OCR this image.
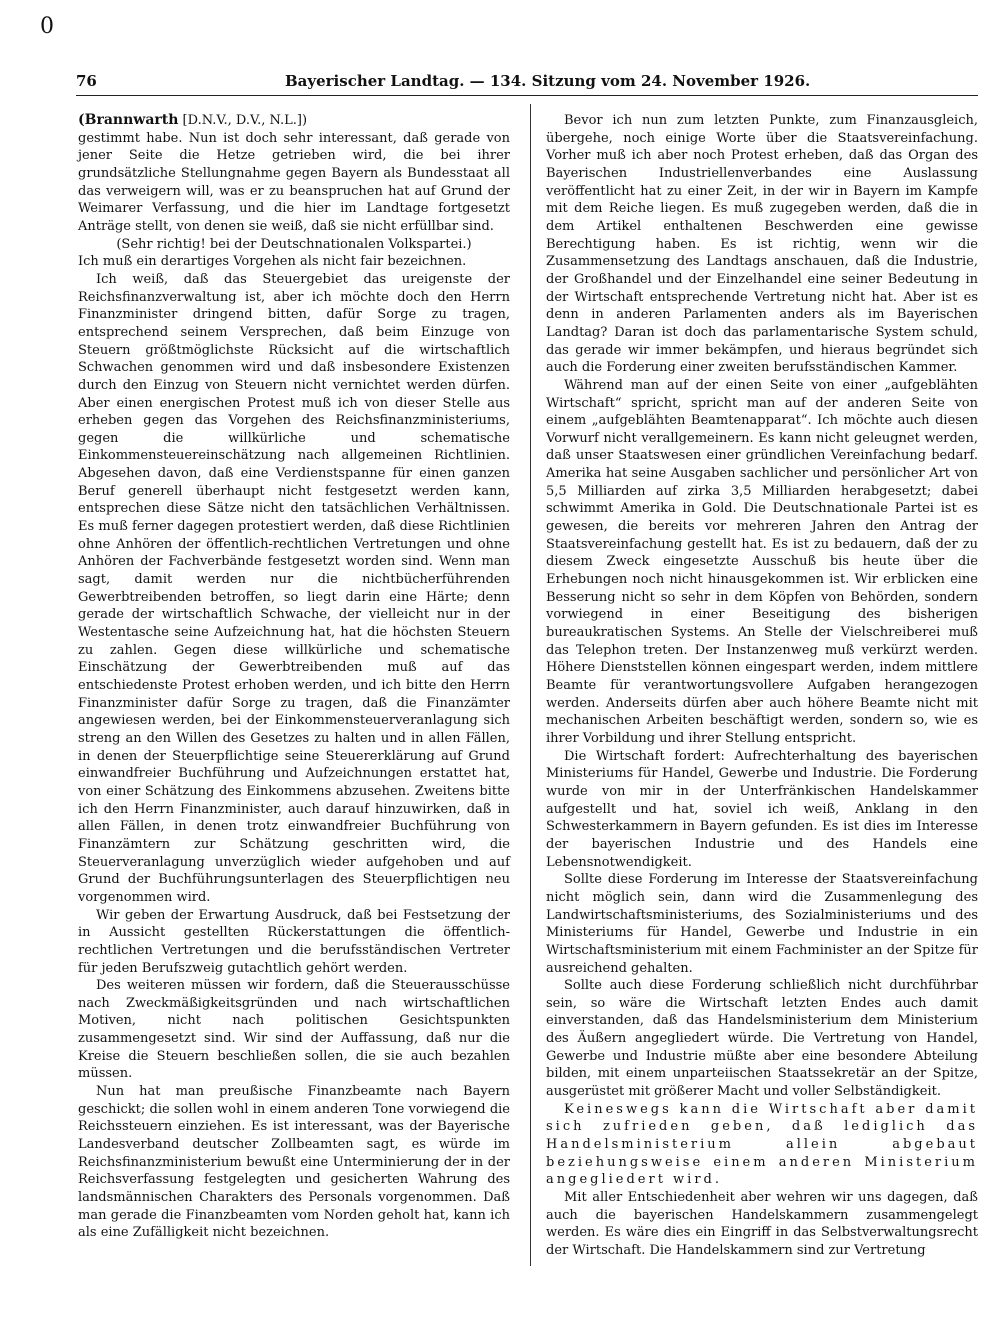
0
76	Bayerischer Landtag. — 134. Sitzung vom 24. November 1926.

(Brannwarth [D.N.V., D.V., N.L.])

gestimmt habe. Nun ist doch sehr interessant, daß gerade von jener Seite die Hetze getrieben wird, die bei ihrer grundsätzliche Stellungnahme gegen Bayern als Bundesstaat all das verweigern will, was er zu beanspruchen hat auf Grund der Weimarer Verfassung, und die hier im Landtage fortgesetzt Anträge stellt, von denen sie weiß, daß sie nicht erfüllbar sind.

(Sehr richtig! bei der Deutschnationalen Volkspartei.)

Ich muß ein derartiges Vorgehen als nicht fair bezeichnen.

Ich weiß, daß das Steuergebiet das ureigenste der Reichsfinanzverwaltung ist, aber ich möchte doch den Herrn Finanzminister dringend bitten, dafür Sorge zu tragen, entsprechend seinem Versprechen, daß beim Einzuge von Steuern größtmöglichste Rücksicht auf die wirtschaftlich Schwachen genommen wird und daß insbesondere Existenzen durch den Einzug von Steuern nicht vernichtet werden dürfen. Aber einen energischen Protest muß ich von dieser Stelle aus erheben gegen das Vorgehen des Reichsfinanzministeriums, gegen die willkürliche und schematische Einkommensteuereinschätzung nach allgemeinen Richtlinien. Abgesehen davon, daß eine Verdienstspanne für einen ganzen Beruf generell überhaupt nicht festgesetzt werden kann, entsprechen diese Sätze nicht den tatsächlichen Verhältnissen. Es muß ferner dagegen protestiert werden, daß diese Richtlinien ohne Anhören der öffentlich-rechtlichen Vertretungen und ohne Anhören der Fachverbände festgesetzt worden sind. Wenn man sagt, damit werden nur die nichtbücherführenden Gewerbtreibenden betroffen, so liegt darin eine Härte; denn gerade der wirtschaftlich Schwache, der vielleicht nur in der Westentasche seine Aufzeichnung hat, hat die höchsten Steuern zu zahlen. Gegen diese willkürliche und schematische Einschätzung der Gewerbtreibenden muß auf das entschiedenste Protest erhoben werden, und ich bitte den Herrn Finanzminister dafür Sorge zu tragen, daß die Finanzämter angewiesen werden, bei der Einkommensteuerveranlagung sich streng an den Willen des Gesetzes zu halten und in allen Fällen, in denen der Steuerpflichtige seine Steuererklärung auf Grund einwandfreier Buchführung und Aufzeichnungen erstattet hat, von einer Schätzung des Einkommens abzusehen. Zweitens bitte ich den Herrn Finanzminister, auch darauf hinzuwirken, daß in allen Fällen, in denen trotz einwandfreier Buchführung von Finanzämtern zur Schätzung geschritten wird, die Steuerveranlagung unverzüglich wieder aufgehoben und auf Grund der Buchführungsunterlagen des Steuerpflichtigen neu vorgenommen wird.

Wir geben der Erwartung Ausdruck, daß bei Festsetzung der in Aussicht gestellten Rückerstattungen die öffentlich-rechtlichen Vertretungen und die berufsständischen Vertreter für jeden Berufszweig gutachtlich gehört werden.

Des weiteren müssen wir fordern, daß die Steuerausschüsse nach Zweckmäßigkeitsgründen und nach wirtschaftlichen Motiven, nicht nach politischen Gesichtspunkten zusammengesetzt sind. Wir sind der Auffassung, daß nur die Kreise die Steuern beschließen sollen, die sie auch bezahlen müssen.

Nun hat man preußische Finanzbeamte nach Bayern geschickt; die sollen wohl in einem anderen Tone vorwiegend die Reichssteuern einziehen. Es ist interessant, was der Bayerische Landesverband deutscher Zollbeamten sagt, es würde im Reichsfinanzministerium bewußt eine Unterminierung der in der Reichsverfassung festgelegten und gesicherten Wahrung des landsmännischen Charakters des Personals vorgenommen. Daß man gerade die Finanzbeamten vom Norden geholt hat, kann ich als eine Zufälligkeit nicht bezeichnen.

Bevor ich nun zum letzten Punkte, zum Finanzausgleich, übergehe, noch einige Worte über die Staatsvereinfachung. Vorher muß ich aber noch Protest erheben, daß das Organ des Bayerischen Industriellenverbandes eine Auslassung veröffentlicht hat zu einer Zeit, in der wir in Bayern im Kampfe mit dem Reiche liegen. Es muß zugegeben werden, daß die in dem Artikel enthaltenen Beschwerden eine gewisse Berechtigung haben. Es ist richtig, wenn wir die Zusammensetzung des Landtags anschauen, daß die Industrie, der Großhandel und der Einzelhandel eine seiner Bedeutung in der Wirtschaft entsprechende Vertretung nicht hat. Aber ist es denn in anderen Parlamenten anders als im Bayerischen Landtag? Daran ist doch das parlamentarische System schuld, das gerade wir immer bekämpfen, und hieraus begründet sich auch die Forderung einer zweiten berufsständischen Kammer.

Während man auf der einen Seite von einer „aufgeblähten Wirtschaft“ spricht, spricht man auf der anderen Seite von einem „aufgeblähten Beamtenapparat“. Ich möchte auch diesen Vorwurf nicht verallgemeinern. Es kann nicht geleugnet werden, daß unser Staatswesen einer gründlichen Vereinfachung bedarf. Amerika hat seine Ausgaben sachlicher und persönlicher Art von 5,5 Milliarden auf zirka 3,5 Milliarden herabgesetzt; dabei schwimmt Amerika in Gold. Die Deutschnationale Partei ist es gewesen, die bereits vor mehreren Jahren den Antrag der Staatsvereinfachung gestellt hat. Es ist zu bedauern, daß der zu diesem Zweck eingesetzte Ausschuß bis heute über die Erhebungen noch nicht hinausgekommen ist. Wir erblicken eine Besserung nicht so sehr in dem Köpfen von Behörden, sondern vorwiegend in einer Beseitigung des bisherigen bureaukratischen Systems. An Stelle der Vielschreiberei muß das Telephon treten. Der Instanzenweg muß verkürzt werden. Höhere Dienststellen können eingespart werden, indem mittlere Beamte für verantwortungsvollere Aufgaben herangezogen werden. Anderseits dürfen aber auch höhere Beamte nicht mit mechanischen Arbeiten beschäftigt werden, sondern so, wie es ihrer Vorbildung und ihrer Stellung entspricht.

Die Wirtschaft fordert: Aufrechterhaltung des bayerischen Ministeriums für Handel, Gewerbe und Industrie. Die Forderung wurde von mir in der Unterfränkischen Handelskammer aufgestellt und hat, soviel ich weiß, Anklang in den Schwesterkammern in Bayern gefunden. Es ist dies im Interesse der bayerischen Industrie und des Handels eine Lebensnotwendigkeit.

Sollte diese Forderung im Interesse der Staatsvereinfachung nicht möglich sein, dann wird die Zusammenlegung des Landwirtschaftsministeriums, des Sozialministeriums und des Ministeriums für Handel, Gewerbe und Industrie in ein Wirtschaftsministerium mit einem Fachminister an der Spitze für ausreichend gehalten.

Sollte auch diese Forderung schließlich nicht durchführbar sein, so wäre die Wirtschaft letzten Endes auch damit einverstanden, daß das Handelsministerium dem Ministerium des Äußern angegliedert würde. Die Vertretung von Handel, Gewerbe und Industrie müßte aber eine besondere Abteilung bilden, mit einem unparteiischen Staatssekretär an der Spitze, ausgerüstet mit größerer Macht und voller Selbständigkeit.

Keineswegs kann die Wirtschaft aber damit sich zufrieden geben, daß lediglich das Handelsministerium allein abgebaut beziehungsweise einem anderen Ministerium angegliedert wird.

Mit aller Entschiedenheit aber wehren wir uns dagegen, daß auch die bayerischen Handelskammern zusammengelegt werden. Es wäre dies ein Eingriff in das Selbstverwaltungsrecht der Wirtschaft. Die Handelskammern sind zur Vertretung
